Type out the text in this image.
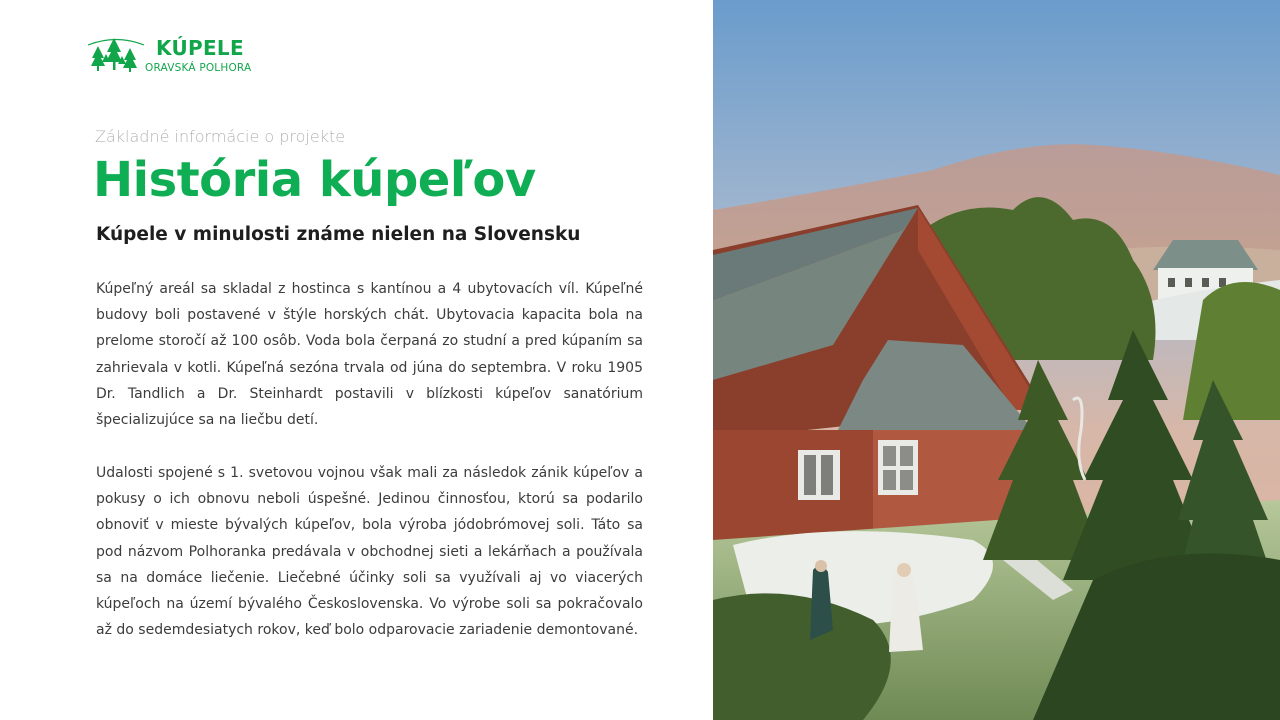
KÚPELE
ORAVSKÁ POLHORA
Základné informácie o projekte
História kúpeľov
Kúpele v minulosti známe nielen na Slovensku

Kúpeľný areál sa skladal z hostinca s kantínou a 4 ubytovacích víl. Kúpeľné budovy boli postavené v štýle horských chát. Ubytovacia kapacita bola na prelome storočí až 100 osôb. Voda bola čerpaná zo studní a pred kúpaním sa zahrievala v kotli. Kúpeľná sezóna trvala od júna do septembra. V roku 1905 Dr. Tandlich a Dr. Steinhardt postavili v blízkosti kúpeľov sanatórium špecializujúce sa na liečbu detí.

Udalosti spojené s 1. svetovou vojnou však mali za následok zánik kúpeľov a pokusy o ich obnovu neboli úspešné. Jedinou činnosťou, ktorú sa podarilo obnoviť v mieste bývalých kúpeľov, bola výroba jódobrómovej soli. Táto sa pod názvom Polhoranka predávala v obchodnej sieti a lekárňach a používala sa na domáce liečenie. Liečebné účinky soli sa využívali aj vo viacerých kúpeľoch na území bývalého Československa. Vo výrobe soli sa pokračovalo až do sedemdesiatych rokov, keď bolo odparovacie zariadenie demontované.
